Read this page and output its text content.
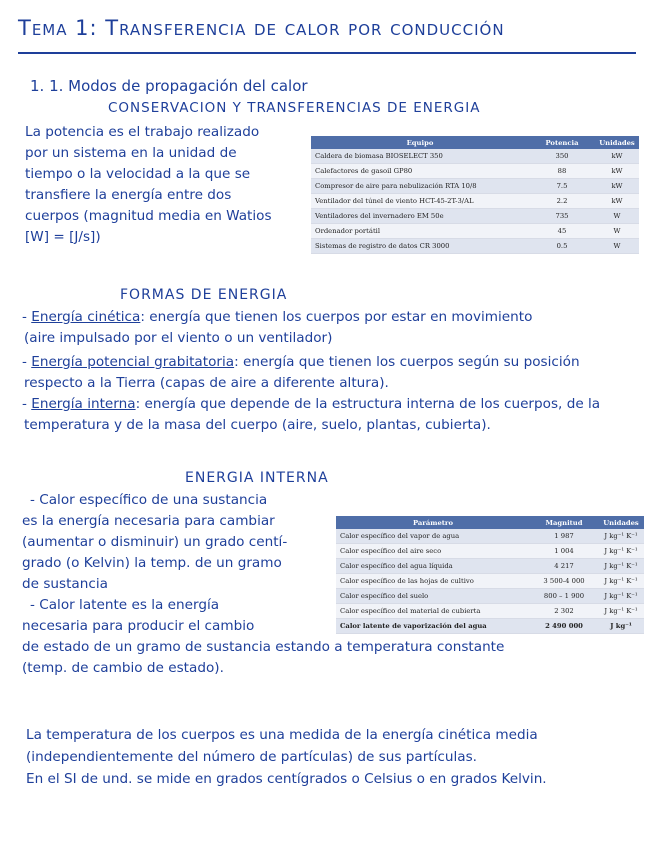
Tema 1: Transferencia de calor por conducción
1. 1. Modos de propagación del calor
CONSERVACION Y TRANSFERENCIAS DE ENERGIA
La potencia es el trabajo realizado
por un sistema en la unidad de
tiempo o la velocidad a la que se
transfiere la energía entre dos
cuerpos (magnitud media en Watios
[W] = [J/s])
Equipo	Potencia	Unidades
Caldera de biomasa BIOSELECT 350	350	kW
Calefactores de gasoil GP80	88	kW
Compresor de aire para nebulización RTA 10/8	7.5	kW
Ventilador del túnel de viento HCT-45-2T-3/AL	2.2	kW
Ventiladores del invernadero EM 50e	735	W
Ordenador portátil	45	W
Sistemas de registro de datos CR 3000	0.5	W
FORMAS DE ENERGIA
- Energía cinética: energía que tienen los cuerpos por estar en movimiento
(aire impulsado por el viento o un ventilador)
- Energía potencial grabitatoria: energía que tienen los cuerpos según su posición
respecto a la Tierra (capas de aire a diferente altura).
- Energía interna: energía que depende de la estructura interna de los cuerpos, de la
temperatura y de la masa del cuerpo (aire, suelo, plantas, cubierta).
ENERGIA INTERNA
- Calor específico de una sustancia
es la energía necesaria para cambiar
(aumentar o disminuir) un grado centí-
grado (o Kelvin) la temp. de un gramo
de sustancia
- Calor latente es la energía
necesaria para producir el cambio
de estado de un gramo de sustancia estando a temperatura constante
(temp. de cambio de estado).
Parámetro	Magnitud	Unidades
Calor específico del vapor de agua	1 987	J kg⁻¹ K⁻¹
Calor específico del aire seco	1 004	J kg⁻¹ K⁻¹
Calor específico del agua líquida	4 217	J kg⁻¹ K⁻¹
Calor específico de las hojas de cultivo	3 500-4 000	J kg⁻¹ K⁻¹
Calor específico del suelo	800 – 1 900	J kg⁻¹ K⁻¹
Calor específico del material de cubierta	2 302	J kg⁻¹ K⁻¹
Calor latente de vaporización del agua	2 490 000	J kg⁻¹
La temperatura de los cuerpos es una medida de la energía cinética media
(independientemente del número de partículas) de sus partículas.
En el SI de und. se mide en grados centígrados o Celsius o en grados Kelvin.
